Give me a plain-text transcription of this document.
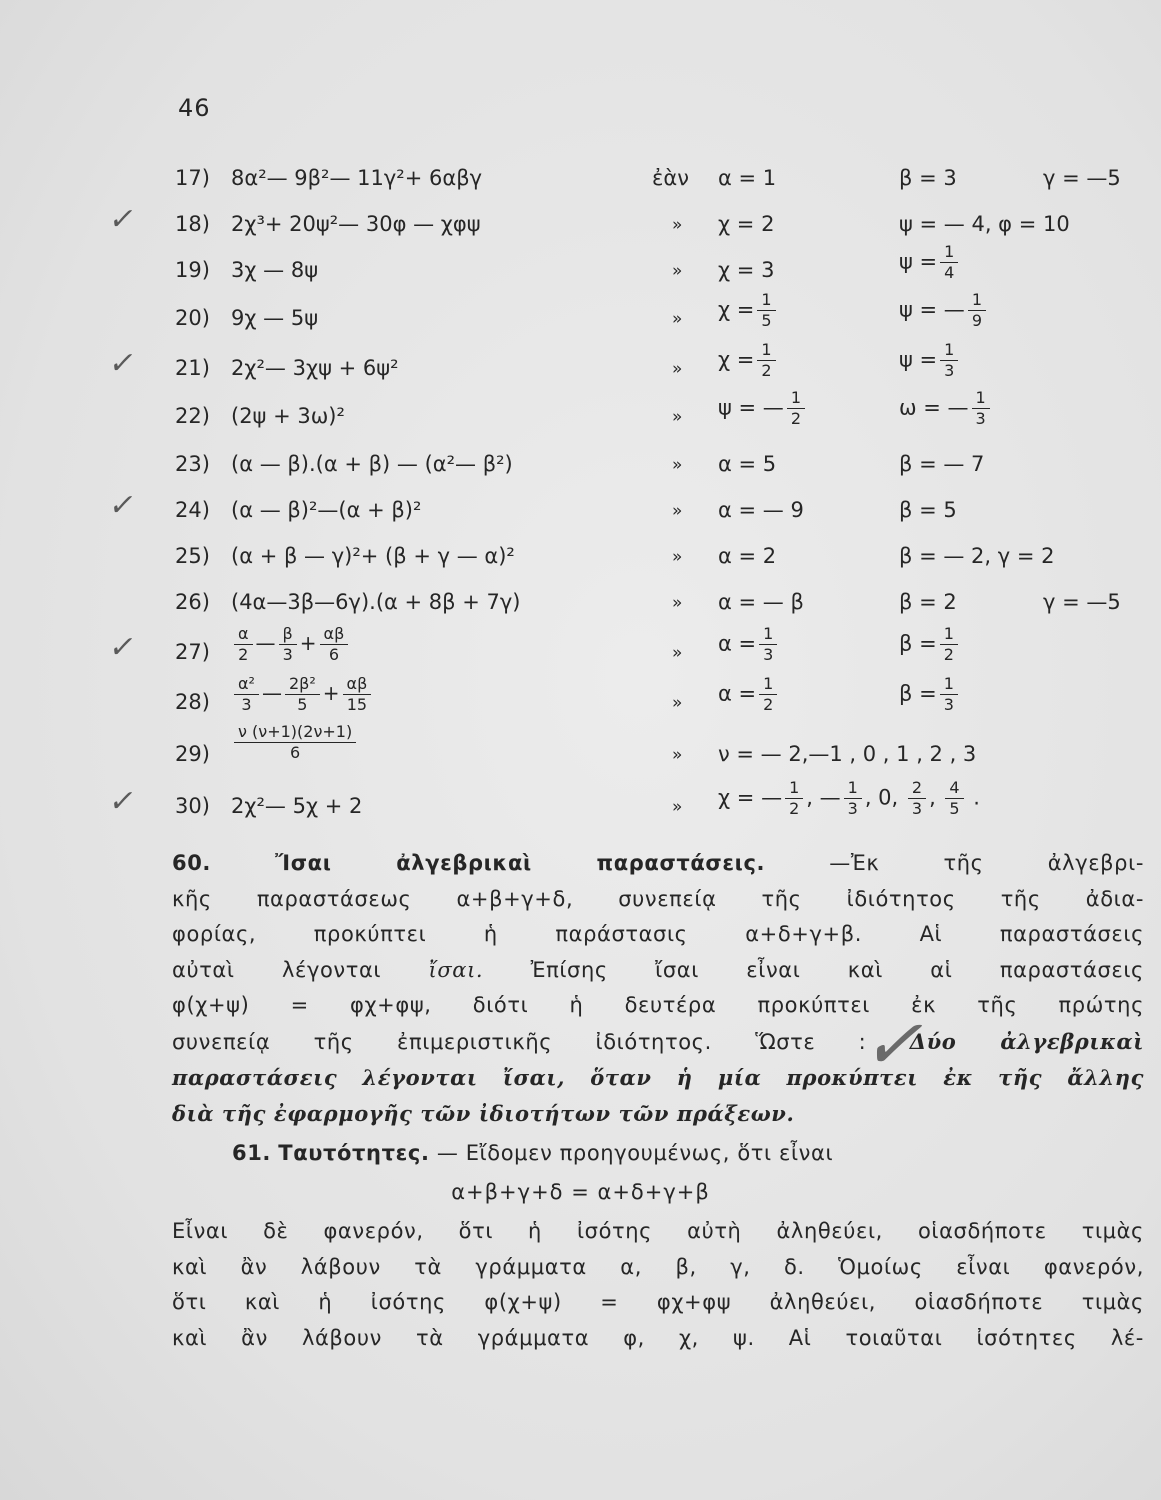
46
17) 8α²— 9β²— 11γ²+ 6αβγ	ἐὰν α = 1	β = 3	γ = —5
✓ 18) 2χ³+ 20ψ²— 30φ — χφψ	» χ = 2	ψ = — 4, φ = 10
19) 3χ — 8ψ	» χ = 3	$\psi = \frac{1}{4}$
20) 9χ — 5ψ	» $\chi = \frac{1}{5}$	ψ = — $\frac{1}{9}$
✓ 21) 2χ²— 3χψ + 6ψ²	» $\chi = \frac{1}{2}$	$\psi = \frac{1}{3}$
22) (2ψ + 3ω)²	» ψ = — $\frac{1}{2}$	ω = — $\frac{1}{3}$
23) (α — β).(α + β) — (α²— β²)	» α = 5	β = — 7
✓ 24) (α — β)²—(α + β)²	» α = — 9	β = 5
25) (α + β — γ)²+ (β + γ — α)²	» α = 2	β = — 2, γ = 2
26) (4α—3β—6γ).(α + 8β + 7γ)	» α = — β	β = 2	γ = —5
✓ $27) \frac{\alpha}{2}$ — $\frac{\beta}{3} + \frac{\alpha\beta}{6}$	» $\alpha = \frac{1}{3}$	$\beta = \frac{1}{2}$
$28) \frac{\text{α²}}{3}$ — $\frac{\text{2β²}}{5} + \frac{\alpha\beta}{15}$	» $\alpha = \frac{1}{2}$	$\beta = \frac{1}{3}$
$29) \frac{\nu (\nu+1)(2\nu+1)}{6}$	» ν = — 2,—1 , 0 , 1 , 2 , 3
✓ 30) 2χ²— 5χ + 2	» χ = — $\frac{1}{2}$ , — $\frac{1}{3}$ , 0, $\frac{2}{3}$ , $\frac{4}{5}$ .
60.	Ἴσαι ἀλγεβρικαὶ παραστάσεις.	—Ἐκ τῆς ἀλγεβρι-
κῆς παραστάσεως α+β+γ+δ, συνεπείᾳ τῆς ἰδιότητος τῆς ἀδια-
φορίας, προκύπτει ἡ παράστασις α+δ+γ+β. Αἱ παραστάσεις
αὐταὶ λέγονται ἴσαι. Ἐπίσης ἴσαι εἶναι καὶ αἱ παραστάσεις
φ(χ+ψ) = φχ+φψ, διότι ἡ δευτέρα προκύπτει ἐκ τῆς πρώτης
συνεπείᾳ τῆς ἐπιμεριστικῆς ἰδιότητος. Ὥστε : Δύο ἀλγεβρικαὶ
παραστάσεις λέγονται ἴσαι, ὅταν ἡ μία προκύπτει ἐκ τῆς ἄλλης
διὰ τῆς ἐφαρμογῆς τῶν ἰδιοτήτων τῶν πράξεων.
61. Ταυτότητες. — Εἴδομεν προηγουμένως, ὅτι εἶναι
α+β+γ+δ = α+δ+γ+β
Εἶναι δὲ φανερόν, ὅτι ἡ ἰσότης αὐτὴ ἀληθεύει, οἱασδήποτε τιμὰς
καὶ ἂν λάβουν τὰ γράμματα α, β, γ, δ. Ὁμοίως εἶναι φανερόν,
ὅτι καὶ ἡ ἰσότης φ(χ+ψ) = φχ+φψ ἀληθεύει, οἱασδήποτε τιμὰς
καὶ ἂν λάβουν τὰ γράμματα φ, χ, ψ. Αἱ τοιαῦται ἰσότητες λέ-
✓
